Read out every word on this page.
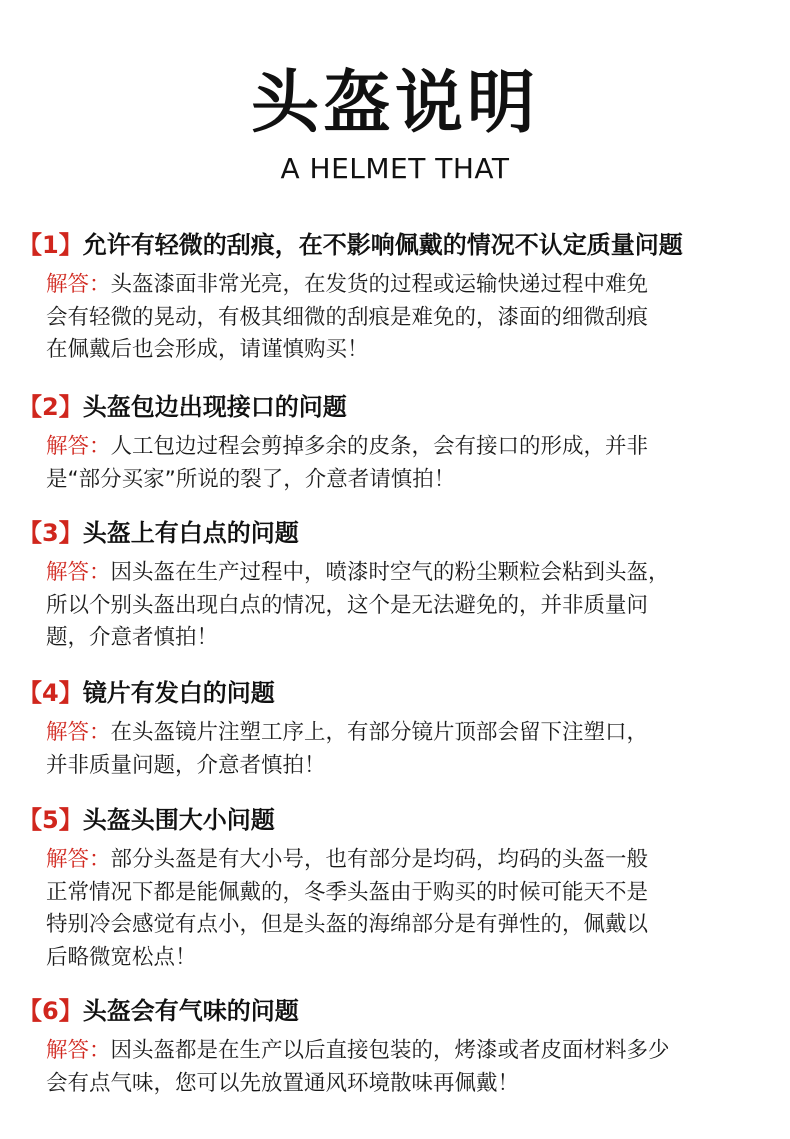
头盔说明
A HELMET THAT
【1】允许有轻微的刮痕，在不影响佩戴的情况不认定质量问题
解答：头盔漆面非常光亮，在发货的过程或运输快递过程中难免
会有轻微的晃动，有极其细微的刮痕是难免的，漆面的细微刮痕
在佩戴后也会形成，请谨慎购买！
【2】头盔包边出现接口的问题
解答：人工包边过程会剪掉多余的皮条，会有接口的形成，并非
是“部分买家”所说的裂了，介意者请慎拍！
【3】头盔上有白点的问题
解答：因头盔在生产过程中，喷漆时空气的粉尘颗粒会粘到头盔，
所以个别头盔出现白点的情况，这个是无法避免的，并非质量问
题，介意者慎拍！
【4】镜片有发白的问题
解答：在头盔镜片注塑工序上，有部分镜片顶部会留下注塑口，
并非质量问题，介意者慎拍！
【5】头盔头围大小问题
解答：部分头盔是有大小号，也有部分是均码，均码的头盔一般
正常情况下都是能佩戴的，冬季头盔由于购买的时候可能天不是
特别冷会感觉有点小，但是头盔的海绵部分是有弹性的，佩戴以
后略微宽松点！
【6】头盔会有气味的问题
解答：因头盔都是在生产以后直接包装的，烤漆或者皮面材料多少
会有点气味，您可以先放置通风环境散味再佩戴！
